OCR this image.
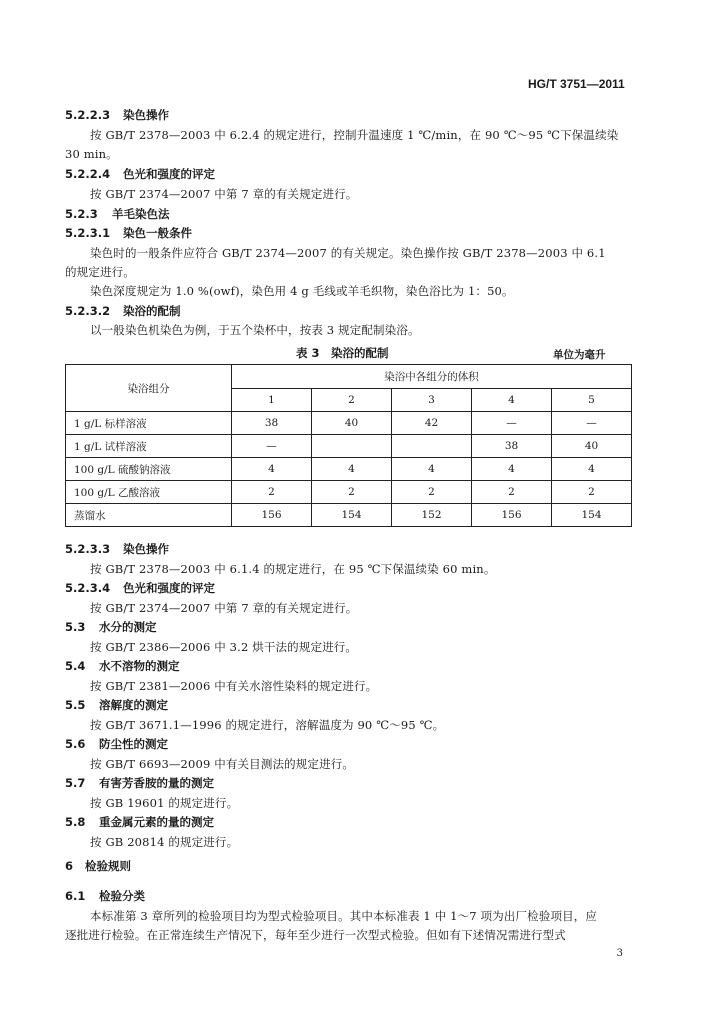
HG/T 3751—2011
5.2.2.3 染色操作
按 GB/T 2378—2003 中 6.2.4 的规定进行，控制升温速度 1 ℃/min，在 90 ℃～95 ℃下保温续染
30 min。
5.2.2.4 色光和强度的评定
按 GB/T 2374—2007 中第 7 章的有关规定进行。
5.2.3 羊毛染色法
5.2.3.1 染色一般条件
染色时的一般条件应符合 GB/T 2374—2007 的有关规定。染色操作按 GB/T 2378—2003 中 6.1
的规定进行。
染色深度规定为 1.0 %(owf)，染色用 4 g 毛线或羊毛织物，染色浴比为 1：50。
5.2.3.2 染浴的配制
以一般染色机染色为例，于五个染杯中，按表 3 规定配制染浴。
表 3　染浴的配制	单位为毫升
染浴组分	染浴中各组分的体积				
	1	2	3	4	5
1 g/L 标样溶液	38	40	42	—	—
1 g/L 试样溶液	—			38	40
100 g/L 硫酸钠溶液	4	4	4	4	4
100 g/L 乙酸溶液	2	2	2	2	2
蒸馏水	156	154	152	156	154
5.2.3.3 染色操作
按 GB/T 2378—2003 中 6.1.4 的规定进行，在 95 ℃下保温续染 60 min。
5.2.3.4 色光和强度的评定
按 GB/T 2374—2007 中第 7 章的有关规定进行。
5.3 水分的测定
按 GB/T 2386—2006 中 3.2 烘干法的规定进行。
5.4 水不溶物的测定
按 GB/T 2381—2006 中有关水溶性染料的规定进行。
5.5 溶解度的测定
按 GB/T 3671.1—1996 的规定进行，溶解温度为 90 ℃～95 ℃。
5.6 防尘性的测定
按 GB/T 6693—2009 中有关目测法的规定进行。
5.7 有害芳香胺的量的测定
按 GB 19601 的规定进行。
5.8 重金属元素的量的测定
按 GB 20814 的规定进行。
6 检验规则
6.1 检验分类
本标准第 3 章所列的检验项目均为型式检验项目。其中本标准表 1 中 1～7 项为出厂检验项目，应
逐批进行检验。在正常连续生产情况下，每年至少进行一次型式检验。但如有下述情况需进行型式
3
